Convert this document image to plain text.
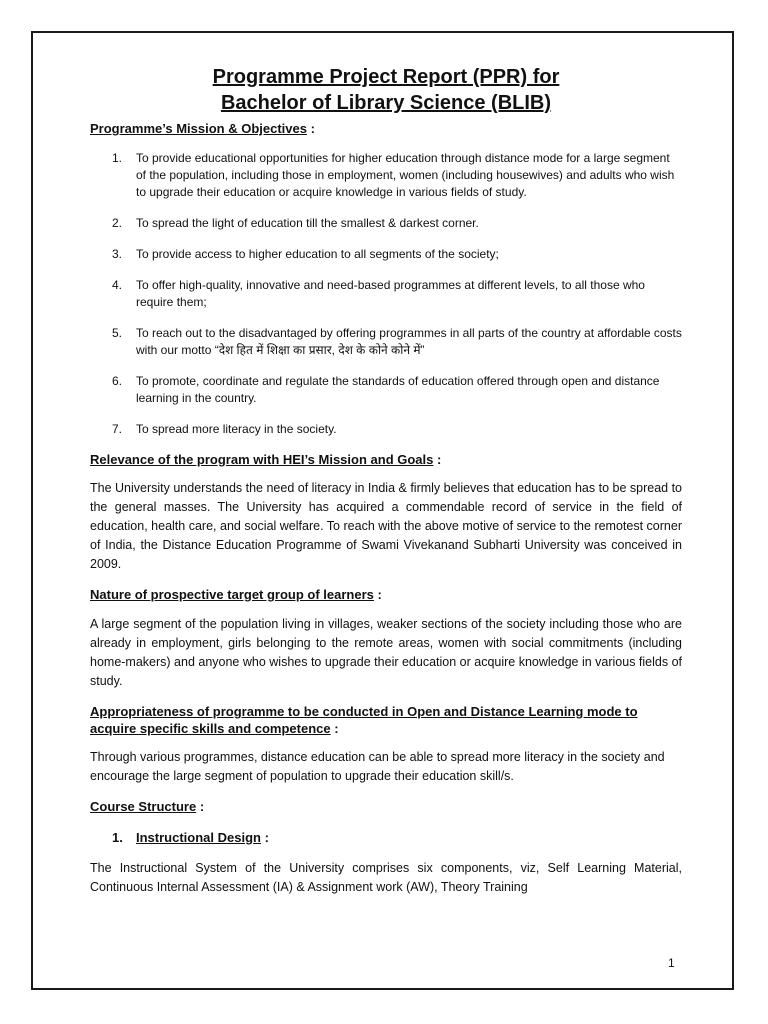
Programme Project Report (PPR) for
Bachelor of Library Science (BLIB)

Programme’s Mission & Objectives :

1. To provide educational opportunities for higher education through distance mode for a large segment of the population, including those in employment, women (including housewives) and adults who wish to upgrade their education or acquire knowledge in various fields of study.
2. To spread the light of education till the smallest & darkest corner.
3. To provide access to higher education to all segments of the society;
4. To offer high-quality, innovative and need-based programmes at different levels, to all those who require them;
5. To reach out to the disadvantaged by offering programmes in all parts of the country at affordable costs with our motto “देश हित में शिक्षा का प्रसार, देश के कोने कोने में”
6. To promote, coordinate and regulate the standards of education offered through open and distance learning in the country.
7. To spread more literacy in the society.

Relevance of the program with HEI’s Mission and Goals :

The University understands the need of literacy in India & firmly believes that education has to be spread to the general masses. The University has acquired a commendable record of service in the field of education, health care, and social welfare. To reach with the above motive of service to the remotest corner of India, the Distance Education Programme of Swami Vivekanand Subharti University was conceived in 2009.

Nature of prospective target group of learners :

A large segment of the population living in villages, weaker sections of the society including those who are already in employment, girls belonging to the remote areas, women with social commitments (including home-makers) and anyone who wishes to upgrade their education or acquire knowledge in various fields of study.

Appropriateness of programme to be conducted in Open and Distance Learning mode to acquire specific skills and competence :

Through various programmes, distance education can be able to spread more literacy in the society and encourage the large segment of population to upgrade their education skill/s.

Course Structure :

1. Instructional Design :

The Instructional System of the University comprises six components, viz, Self Learning Material, Continuous Internal Assessment (IA) & Assignment work (AW), Theory Training

1
